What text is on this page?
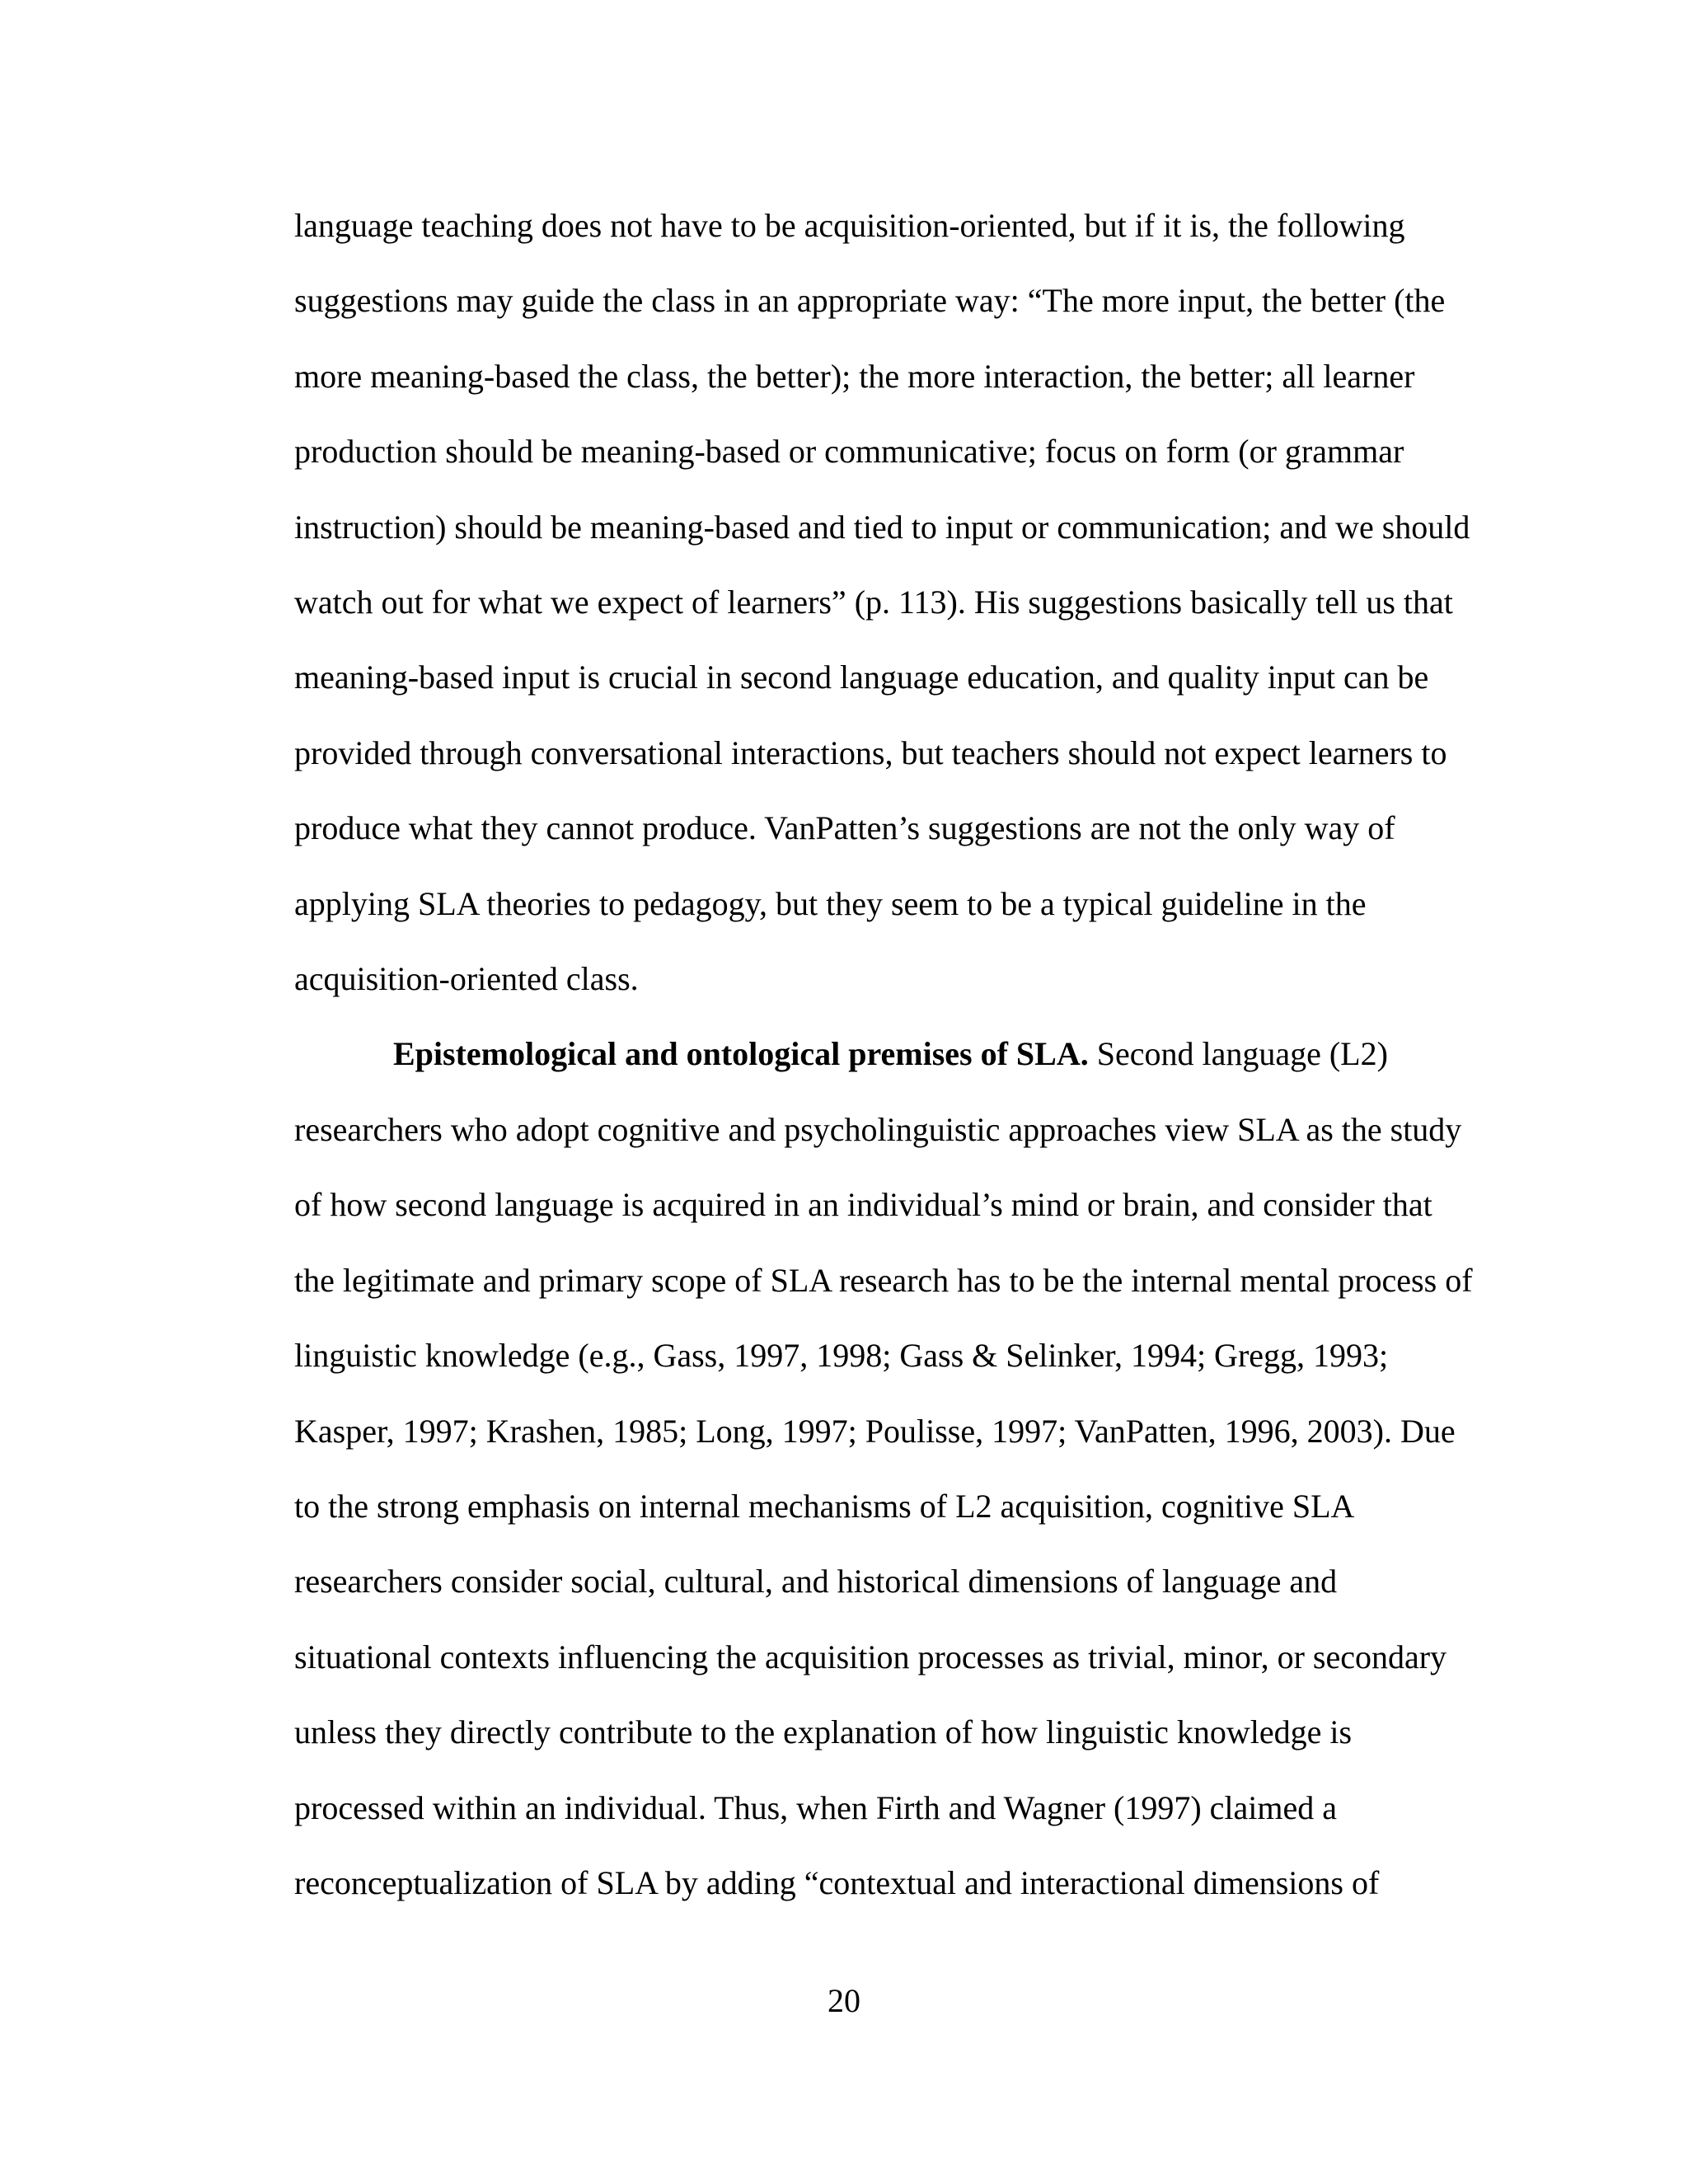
language teaching does not have to be acquisition-oriented, but if it is, the following
suggestions may guide the class in an appropriate way: “The more input, the better (the
more meaning-based the class, the better); the more interaction, the better; all learner
production should be meaning-based or communicative; focus on form (or grammar
instruction) should be meaning-based and tied to input or communication; and we should
watch out for what we expect of learners” (p. 113). His suggestions basically tell us that
meaning-based input is crucial in second language education, and quality input can be
provided through conversational interactions, but teachers should not expect learners to
produce what they cannot produce. VanPatten’s suggestions are not the only way of
applying SLA theories to pedagogy, but they seem to be a typical guideline in the
acquisition-oriented class.
Epistemological and ontological premises of SLA. Second language (L2)
researchers who adopt cognitive and psycholinguistic approaches view SLA as the study
of how second language is acquired in an individual’s mind or brain, and consider that
the legitimate and primary scope of SLA research has to be the internal mental process of
linguistic knowledge (e.g., Gass, 1997, 1998; Gass & Selinker, 1994; Gregg, 1993;
Kasper, 1997; Krashen, 1985; Long, 1997; Poulisse, 1997; VanPatten, 1996, 2003). Due
to the strong emphasis on internal mechanisms of L2 acquisition, cognitive SLA
researchers consider social, cultural, and historical dimensions of language and
situational contexts influencing the acquisition processes as trivial, minor, or secondary
unless they directly contribute to the explanation of how linguistic knowledge is
processed within an individual. Thus, when Firth and Wagner (1997) claimed a
reconceptualization of SLA by adding “contextual and interactional dimensions of
20
